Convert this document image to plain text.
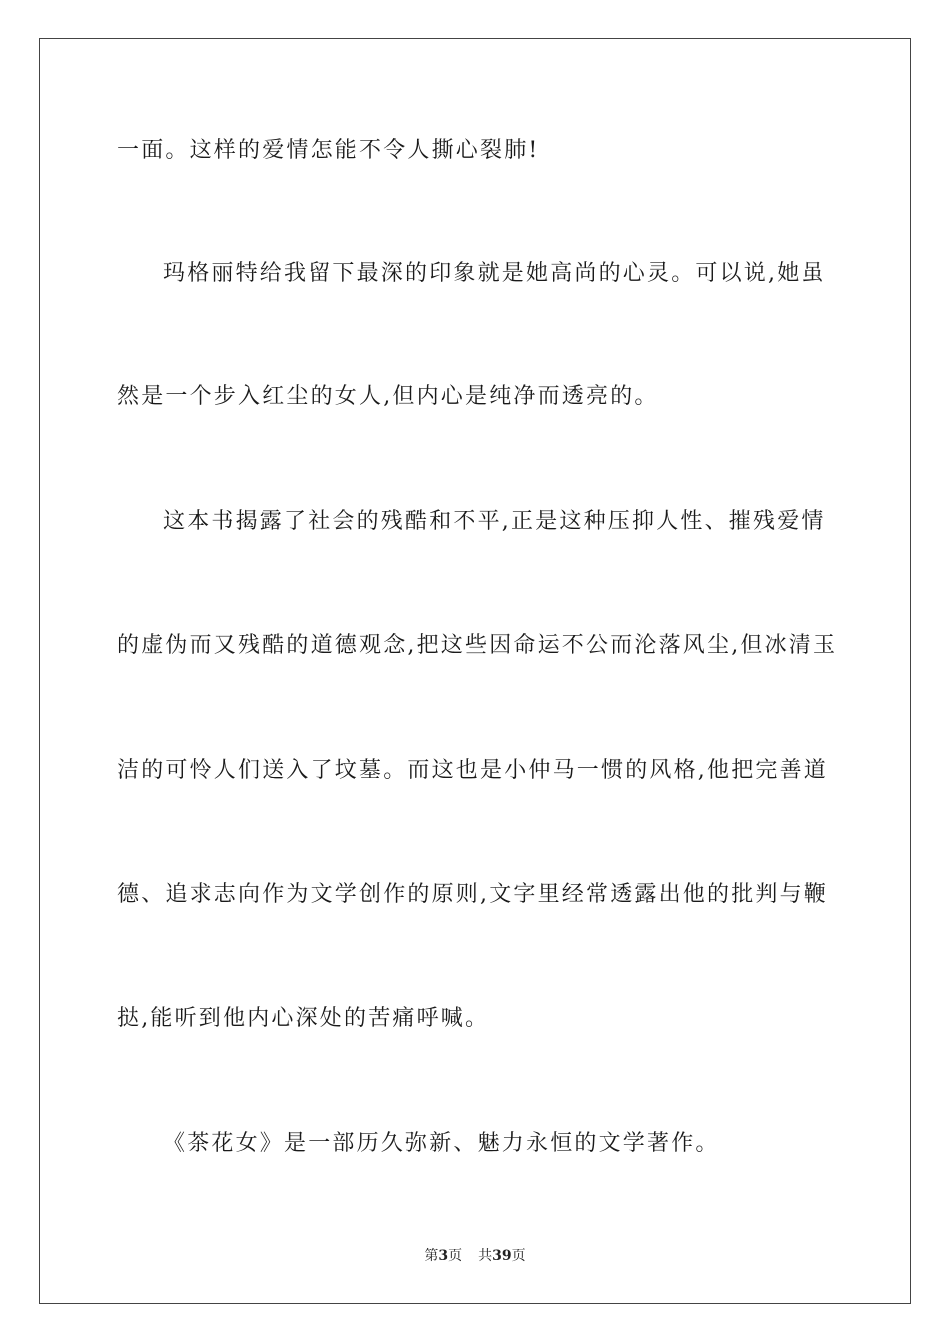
一面。这样的爱情怎能不令人撕心裂肺!
玛格丽特给我留下最深的印象就是她高尚的心灵。可以说,她虽
然是一个步入红尘的女人,但内心是纯净而透亮的。
这本书揭露了社会的残酷和不平,正是这种压抑人性、摧残爱情
的虚伪而又残酷的道德观念,把这些因命运不公而沦落风尘,但冰清玉
洁的可怜人们送入了坟墓。而这也是小仲马一惯的风格,他把完善道
德、追求志向作为文学创作的原则,文字里经常透露出他的批判与鞭
挞,能听到他内心深处的苦痛呼喊。
《茶花女》是一部历久弥新、魅力永恒的文学著作。
第3页 共39页
